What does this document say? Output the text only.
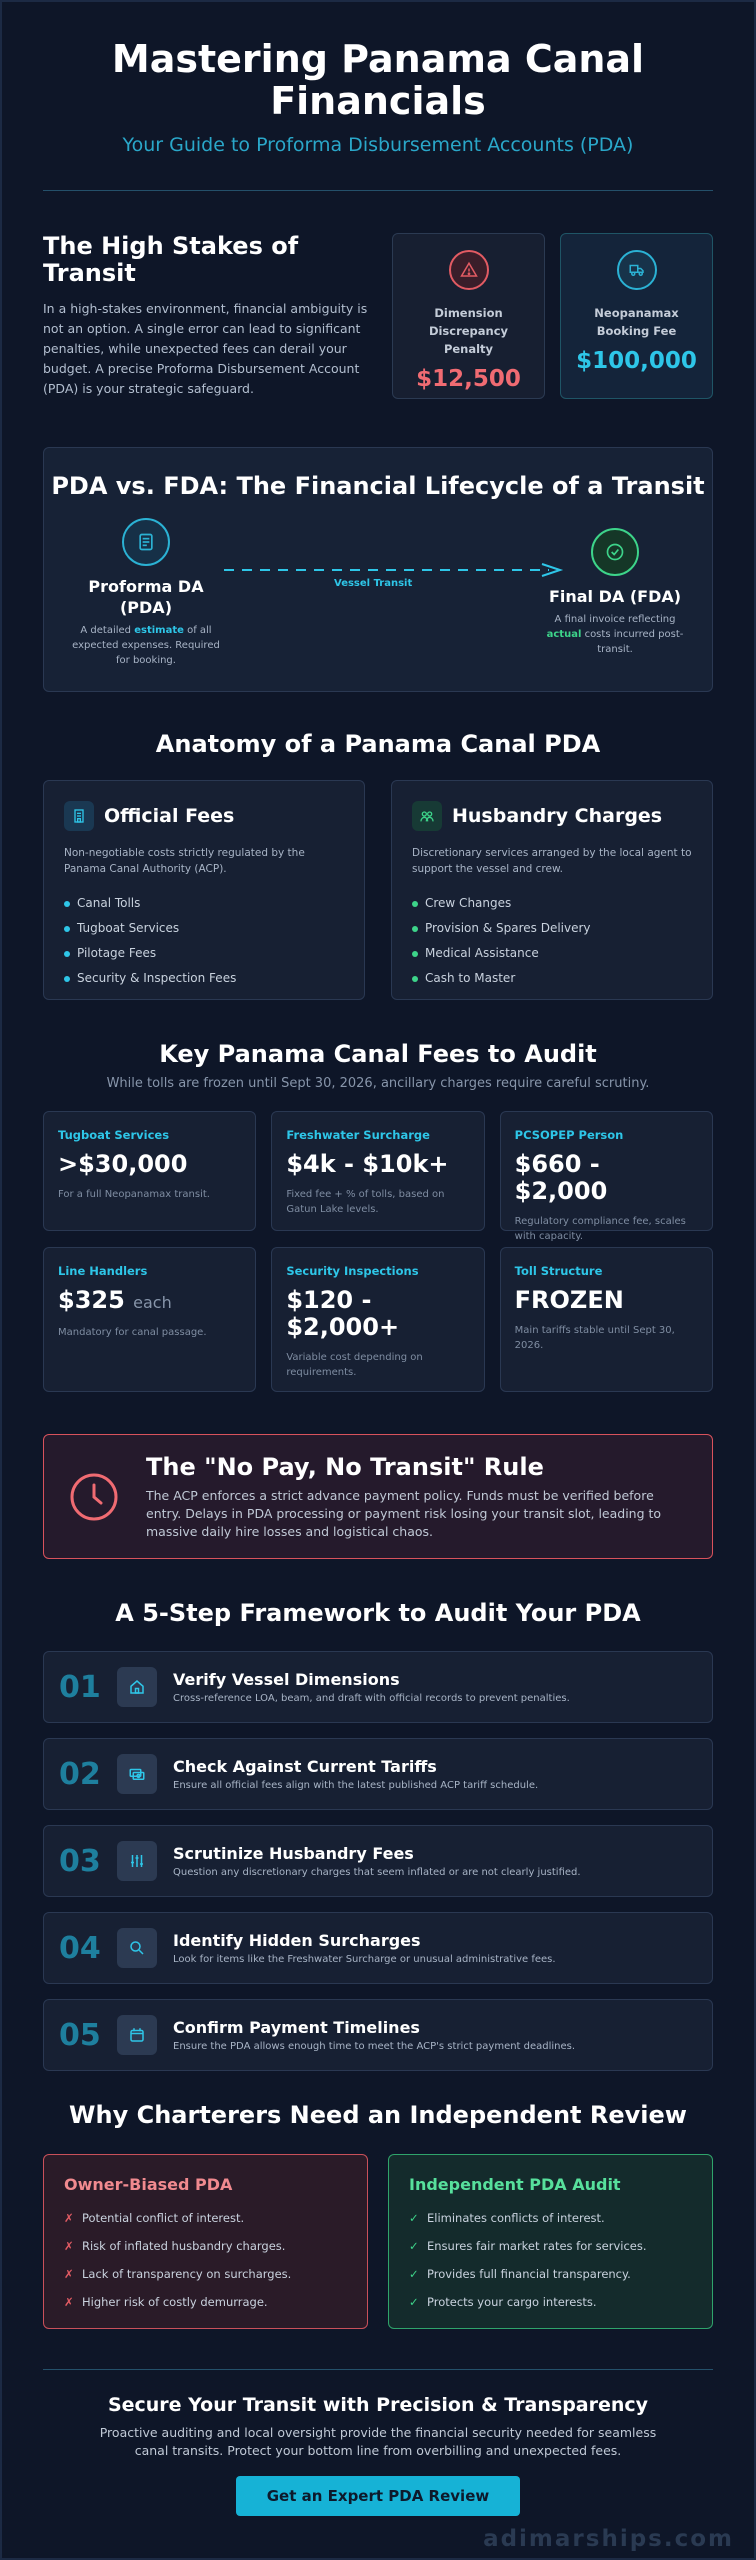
Mastering Panama Canal Financials
Your Guide to Proforma Disbursement Accounts (PDA)
The High Stakes of Transit

In a high-stakes environment, financial ambiguity is not an option. A single error can lead to significant penalties, while unexpected fees can derail your budget. A precise Proforma Disbursement Account (PDA) is your strategic safeguard.

Dimension Discrepancy Penalty
$12,500
Neopanamax Booking Fee
$100,000
PDA vs. FDA: The Financial Lifecycle of a Transit
Proforma DA (PDA)
A detailed estimate of all expected expenses. Required for booking.
Vessel Transit
Final DA (FDA)
A final invoice reflecting actual costs incurred post-transit.
Anatomy of a Panama Canal PDA
Official Fees
Non-negotiable costs strictly regulated by the Panama Canal Authority (ACP).
Canal Tolls
Tugboat Services
Pilotage Fees
Security & Inspection Fees
Husbandry Charges
Discretionary services arranged by the local agent to support the vessel and crew.
Crew Changes
Provision & Spares Delivery
Medical Assistance
Cash to Master
Key Panama Canal Fees to Audit
While tolls are frozen until Sept 30, 2026, ancillary charges require careful scrutiny.
Tugboat Services
>$30,000
For a full Neopanamax transit.
Freshwater Surcharge
$4k - $10k+
Fixed fee + % of tolls, based on Gatun Lake levels.
PCSOPEP Person
$660 - $2,000
Regulatory compliance fee, scales with capacity.
Line Handlers
$325 each
Mandatory for canal passage.
Security Inspections
$120 - $2,000+
Variable cost depending on requirements.
Toll Structure
FROZEN
Main tariffs stable until Sept 30, 2026.
The "No Pay, No Transit" Rule

The ACP enforces a strict advance payment policy. Funds must be verified before entry. Delays in PDA processing or payment risk losing your transit slot, leading to massive daily hire losses and logistical chaos.

A 5-Step Framework to Audit Your PDA
01	Verify Vessel Dimensions

Cross-reference LOA, beam, and draft with official records to prevent penalties.

02	Check Against Current Tariffs

Ensure all official fees align with the latest published ACP tariff schedule.

03	Scrutinize Husbandry Fees

Question any discretionary charges that seem inflated or are not clearly justified.

04	Identify Hidden Surcharges

Look for items like the Freshwater Surcharge or unusual administrative fees.

05	Confirm Payment Timelines

Ensure the PDA allows enough time to meet the ACP's strict payment deadlines.

Why Charterers Need an Independent Review
Owner-Biased PDA
✗ Potential conflict of interest.
✗ Risk of inflated husbandry charges.
✗ Lack of transparency on surcharges.
✗ Higher risk of costly demurrage.
Independent PDA Audit
✓ Eliminates conflicts of interest.
✓ Ensures fair market rates for services.
✓ Provides full financial transparency.
✓ Protects your cargo interests.
Secure Your Transit with Precision & Transparency

Proactive auditing and local oversight provide the financial security needed for seamless canal transits. Protect your bottom line from overbilling and unexpected fees.

Get an Expert PDA Review
adimarships.com
